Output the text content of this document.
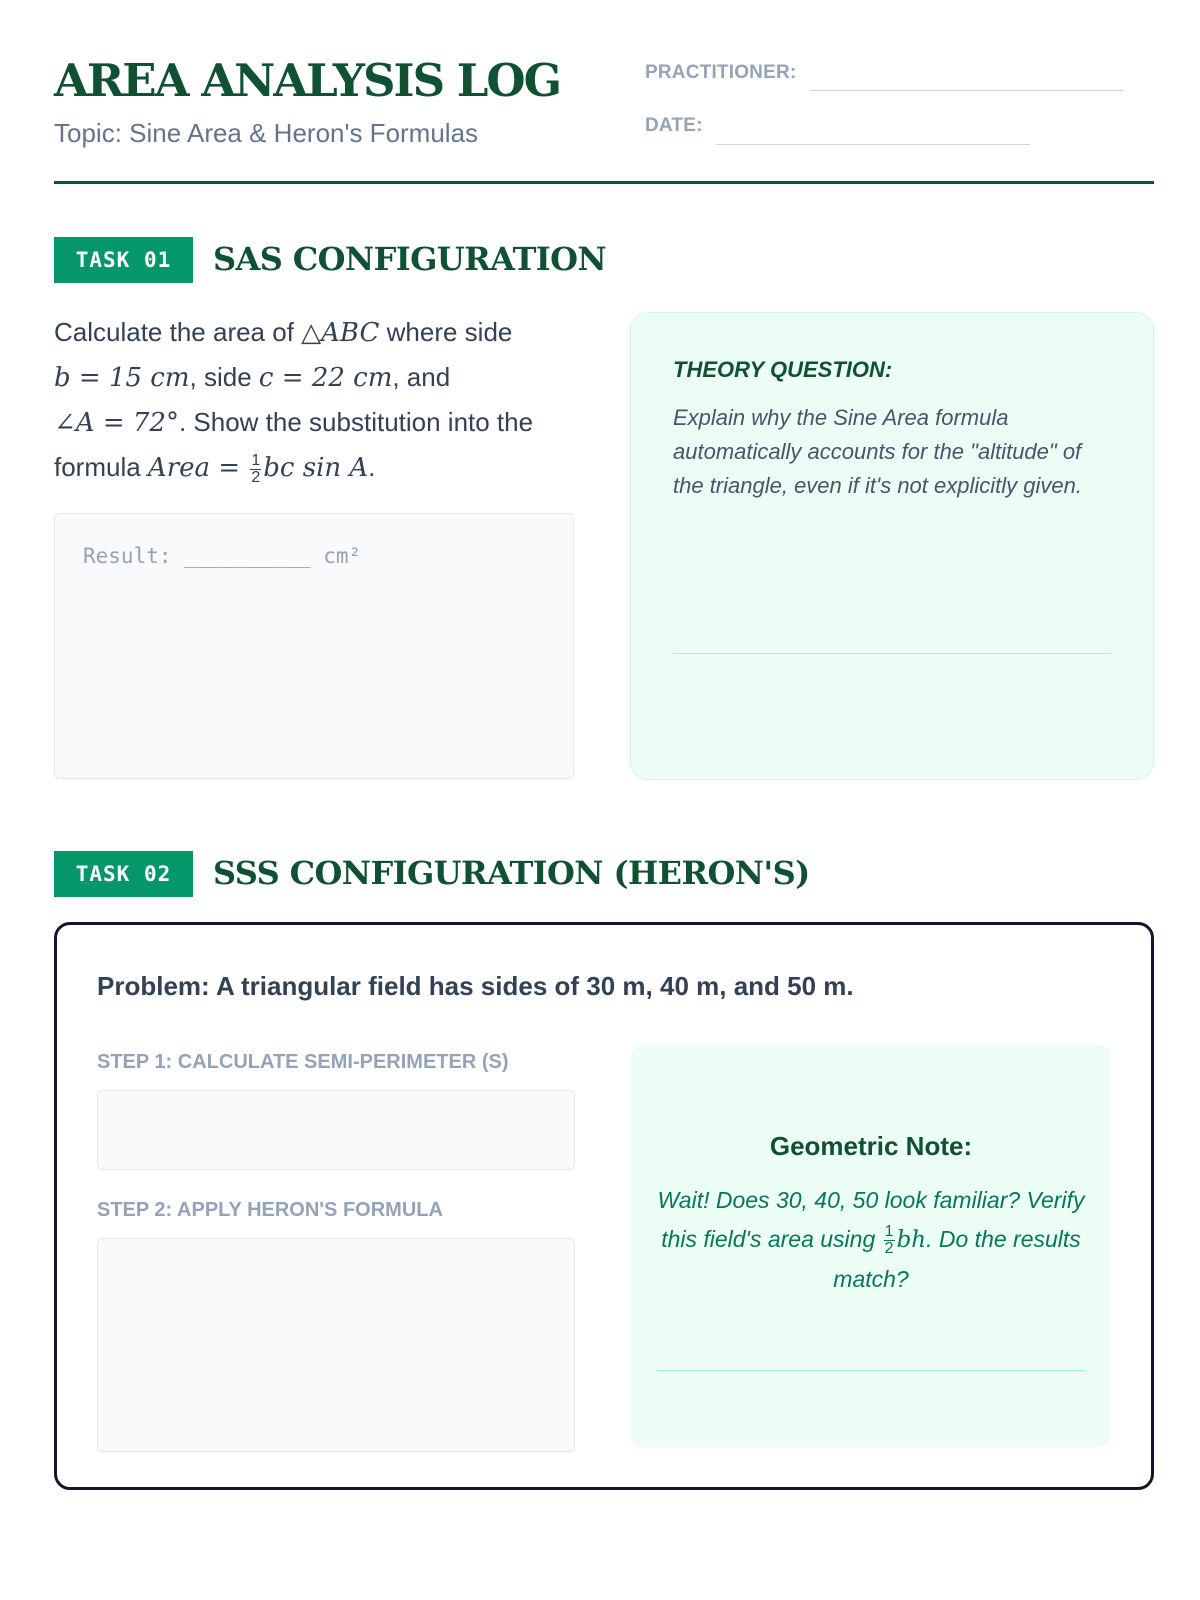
AREA ANALYSIS LOG

Topic: Sine Area & Heron's Formulas

PRACTITIONER:
DATE:
TASK 01	SAS CONFIGURATION
Calculate the area of △ABC where side
b = 15 cm, side c = 22 cm, and
∠A = 72°. Show the substitution into the formula Area = $\frac{1}{2}$ bc sin A.
Result: __________ cm²
THEORY QUESTION:
Explain why the Sine Area formula automatically accounts for the "altitude" of the triangle, even if it's not explicitly given.
TASK 02	SSS CONFIGURATION (HERON'S)
Problem: A triangular field has sides of 30 m, 40 m, and 50 m.
STEP 1: CALCULATE SEMI-PERIMETER (S)
STEP 2: APPLY HERON'S FORMULA
Geometric Note:
Wait! Does 30, 40, 50 look familiar? Verify this field's area using $\frac{1}{2}$ bh. Do the results match?
